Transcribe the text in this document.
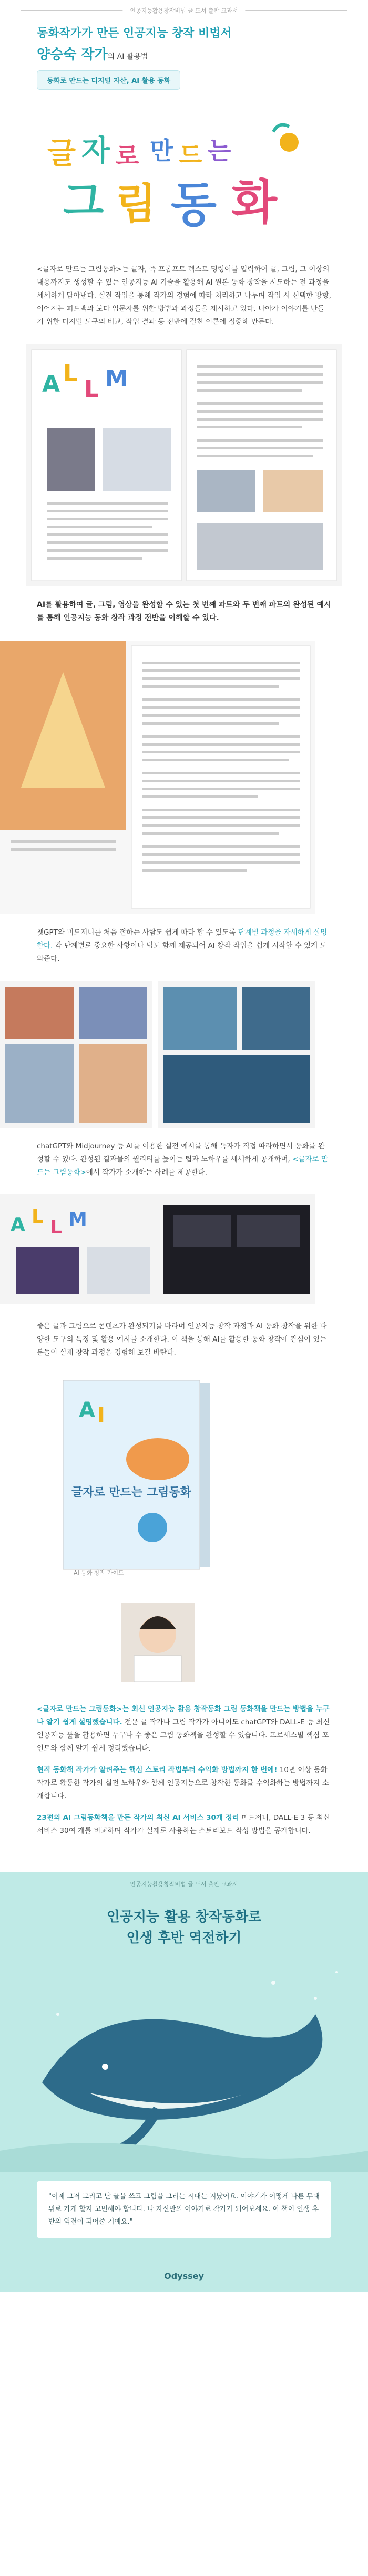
인공지능활용창작비법 글 도서 출판 교과서
동화작가가 만든 인공지능 창작 비법서
양승숙 작가의 AI 활용법
동화로 만드는 디지털 자산, AI 활용 동화
글 자 로 만 드 는
그 림 동 화
<글자로 만드는 그림동화>는 글자, 즉 프롬프트 텍스트 명령어를 입력하여 글, 그림, 그 이상의 내용까지도 생성할 수 있는 인공지능 AI 기술을 활용해 AI 원본 동화 창작을 시도하는 전 과정을 세세하게 담아낸다. 실전 작업을 통해 작가의 경험에 따라 처리하고 나누며 작업 시 선택한 방향, 이어지는 피드백과 보다 입문자를 위한 방법과 과정들을 제시하고 있다. 나아가 이야기를 만들기 위한 디지털 도구의 비교, 작업 결과 등 전반에 걸친 이론에 집중해 만든다.
A L
L M
AI를 활용하여 글, 그림, 영상을 완성할 수 있는 첫 번째 파트와 두 번째 파트의 완성된 예시를 통해 인공지능 동화 창작 과정 전반을 이해할 수 있다.
챗GPT와 미드저니를 처음 접하는 사람도 쉽게 따라 할 수 있도록 단계별 과정을 자세하게 설명한다. 각 단계별로 중요한 사항이나 팁도 함께 제공되어 AI 창작 작업을 쉽게 시작할 수 있게 도와준다.
chatGPT와 Midjourney 등 AI를 이용한 실전 예시를 통해 독자가 직접 따라하면서 동화를 완성할 수 있다. 완성된 결과물의 퀄리티를 높이는 팁과 노하우를 세세하게 공개하며, <글자로 만드는 그림동화>에서 작가가 소개하는 사례를 제공한다.
A L L M
좋은 글과 그림으로 콘텐츠가 완성되기를 바라며 인공지능 창작 과정과 AI 동화 창작을 위한 다양한 도구의 특징 및 활용 예시를 소개한다. 이 책을 통해 AI를 활용한 동화 창작에 관심이 있는 분들이 실제 창작 과정을 경험해 보길 바란다.
A I
글자로 만드는 그림동화
AI 동화 창작 가이드

<글자로 만드는 그림동화>는 최신 인공지능 활용 창작동화 그림 동화책을 만드는 방법을 누구나 알기 쉽게 설명했습니다. 전문 글 작가나 그림 작가가 아니어도 chatGPT와 DALL-E 등 최신 인공지능 툴을 활용하면 누구나 수 좋은 그림 동화책을 완성할 수 있습니다. 프로세스별 핵심 포인트와 함께 알기 쉽게 정리했습니다.

현직 동화책 작가가 알려주는 핵심 스토리 작법부터 수익화 방법까지 한 번에! 10년 이상 동화작가로 활동한 작가의 실전 노하우와 함께 인공지능으로 창작한 동화를 수익화하는 방법까지 소개합니다.

23편의 AI 그림동화책을 만든 작가의 최신 AI 서비스 30개 정리 미드저니, DALL-E 3 등 최신 서비스 30여 개를 비교하며 작가가 실제로 사용하는 스토리보드 작성 방법을 공개합니다.

인공지능활용창작비법 글 도서 출판 교과서
인공지능 활용 창작동화로
인생 후반 역전하기
"이제 그저 그리고 난 글을 쓰고 그림을 그리는 시대는 지났어요. 이야기가 어떻게 다른 무대 위로 가게 할지 고민해야 합니다. 나 자신만의 이야기로 작가가 되어보세요. 이 책이 인생 후반의 역전이 되어줄 거예요."
Odyssey
